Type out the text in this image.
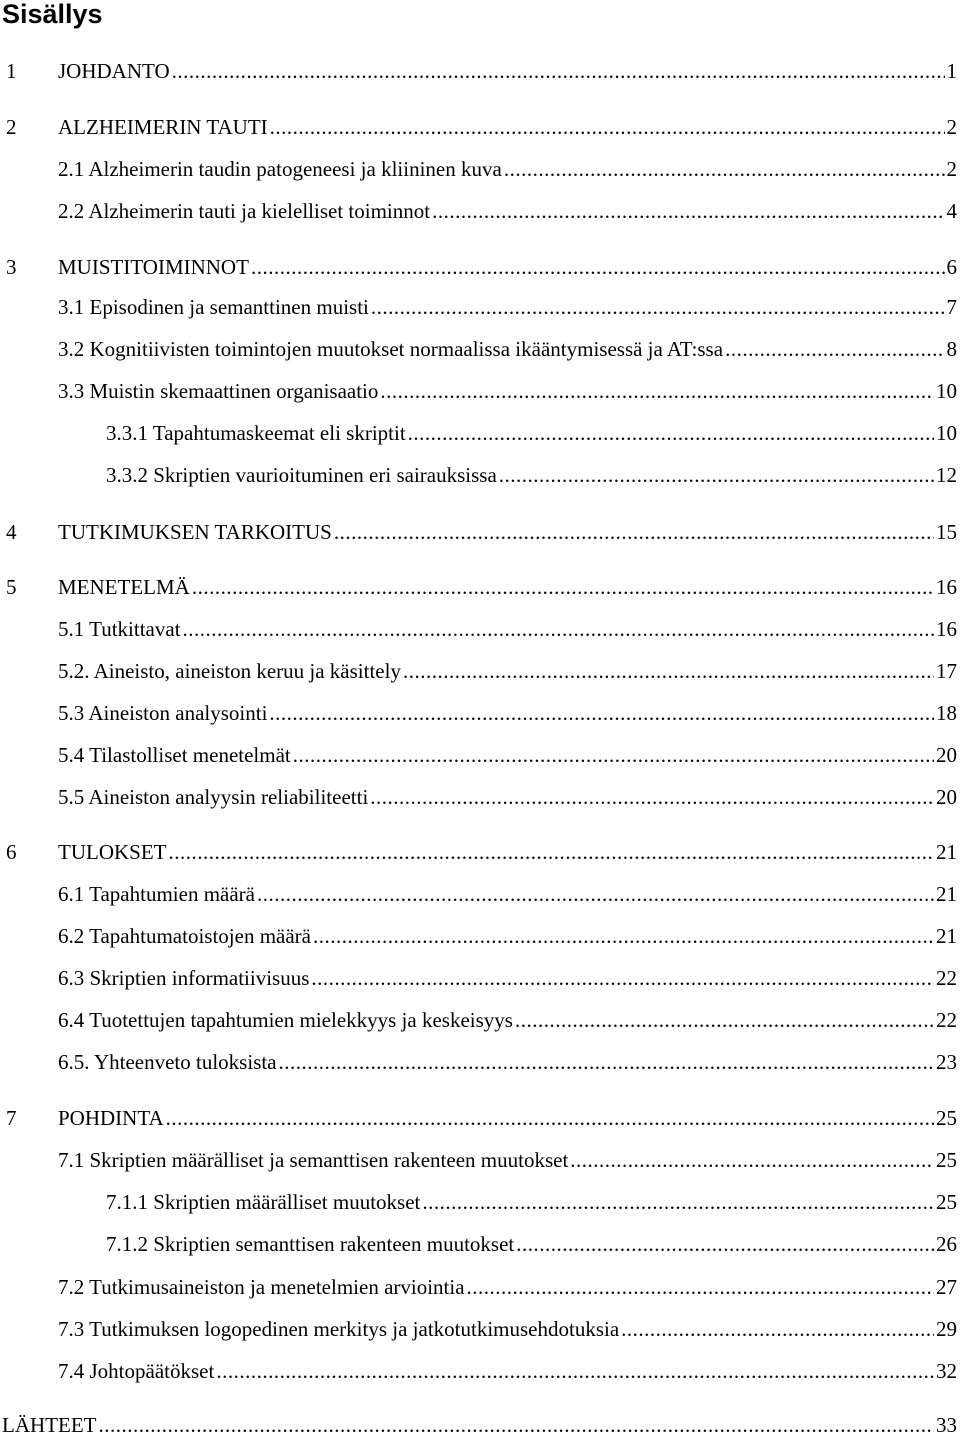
Sisällys
1	JOHDANTO .....	1
2	ALZHEIMERIN TAUTI .....	2
2.1 Alzheimerin taudin patogeneesi ja kliininen kuva .....	2
2.2 Alzheimerin tauti ja kielelliset toiminnot .....	4
3	MUISTITOIMINNOT .....	6
3.1 Episodinen ja semanttinen muisti .....	7
3.2 Kognitiivisten toimintojen muutokset normaalissa ikääntymisessä ja AT:ssa .....	8
3.3 Muistin skemaattinen organisaatio .....	10
3.3.1 Tapahtumaskeemat eli skriptit .....	10
3.3.2 Skriptien vaurioituminen eri sairauksissa .....	12
4	TUTKIMUKSEN TARKOITUS .....	15
5	MENETELMÄ .....	16
5.1 Tutkittavat .....	16
5.2. Aineisto, aineiston keruu ja käsittely .....	17
5.3 Aineiston analysointi .....	18
5.4 Tilastolliset menetelmät .....	20
5.5 Aineiston analyysin reliabiliteetti .....	20
6	TULOKSET .....	21
6.1 Tapahtumien määrä .....	21
6.2 Tapahtumatoistojen määrä .....	21
6.3 Skriptien informatiivisuus .....	22
6.4 Tuotettujen tapahtumien mielekkyys ja keskeisyys .....	22
6.5. Yhteenveto tuloksista .....	23
7	POHDINTA .....	25
7.1 Skriptien määrälliset ja semanttisen rakenteen muutokset .....	25
7.1.1 Skriptien määrälliset muutokset .....	25
7.1.2 Skriptien semanttisen rakenteen muutokset .....	26
7.2 Tutkimusaineiston ja menetelmien arviointia .....	27
7.3 Tutkimuksen logopedinen merkitys ja jatkotutkimusehdotuksia .....	29
7.4 Johtopäätökset .....	32
LÄHTEET .....	33
